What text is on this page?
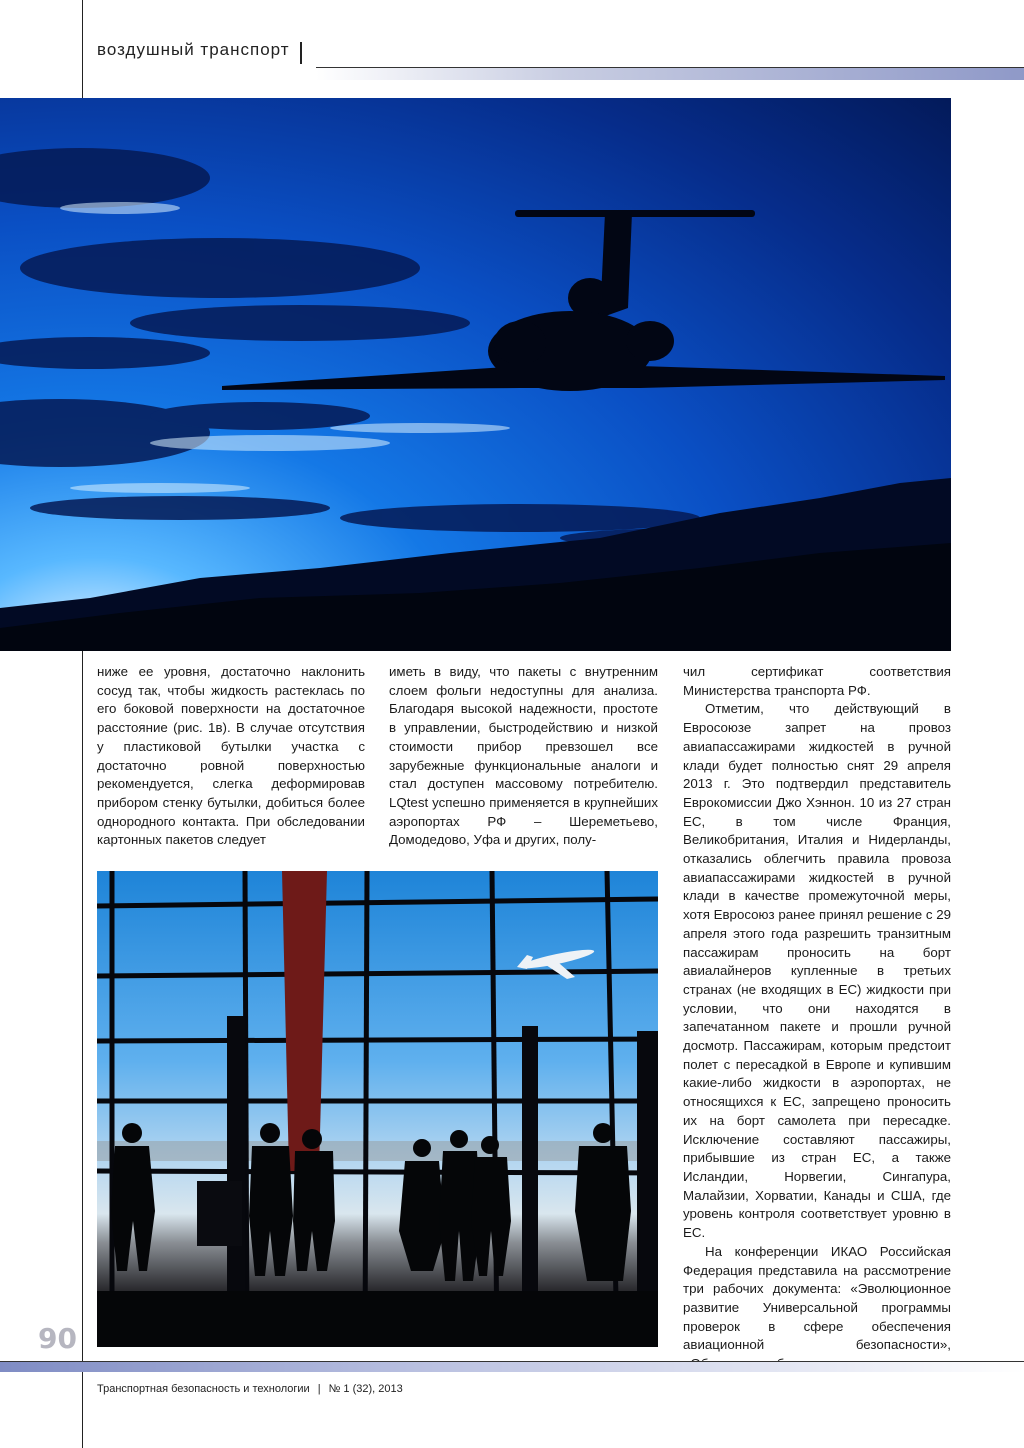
воздушный транспорт

ниже ее уровня, достаточно наклонить сосуд так, чтобы жидкость растеклась по его боковой поверхности на достаточное расстояние (рис. 1в). В случае отсутствия у пластиковой бутылки участка с достаточно ровной поверхностью рекомендуется, слегка деформировав прибором стенку бутылки, добиться более однородного контакта. При обследовании картонных пакетов следует

иметь в виду, что пакеты с внутренним слоем фольги недоступны для анализа. Благодаря высокой надежности, простоте в управлении, быстродействию и низкой стоимости прибор превзошел все зарубежные функциональные аналоги и стал доступен массовому потребителю. LQtest успешно применяется в крупнейших аэропортах РФ – Шереметьево, Домодедово, Уфа и других, полу-

чил сертификат соответствия Министерства транспорта РФ.

Отметим, что действующий в Евросоюзе запрет на провоз авиапассажирами жидкостей в ручной клади будет полностью снят 29 апреля 2013 г. Это подтвердил представитель Еврокомиссии Джо Хэннон. 10 из 27 стран ЕС, в том числе Франция, Великобритания, Италия и Нидерланды, отказались облегчить правила провоза авиапассажирами жидкостей в ручной клади в качестве промежуточной меры, хотя Евросоюз ранее принял решение с 29 апреля этого года разрешить транзитным пассажирам проносить на борт авиалайнеров купленные в третьих странах (не входящих в ЕС) жидкости при условии, что они находятся в запечатанном пакете и прошли ручной досмотр. Пассажирам, которым предстоит полет с пересадкой в Европе и купившим какие-либо жидкости в аэропортах, не относящихся к ЕС, запрещено проносить их на борт самолета при пересадке. Исключение составляют пассажиры, прибывшие из стран ЕС, а также Исландии, Норвегии, Сингапура, Малайзии, Хорватии, Канады и США, где уровень контроля соответствует уровню в ЕС.

На конференции ИКАО Российская Федерация представила на рассмотрение три рабочих документа: «Эволюционное развитие Универсальной программы проверок в сфере обеспечения авиационной безопасности»,

90
Транспортная безопасность и технологии | № 1 (32), 2013
